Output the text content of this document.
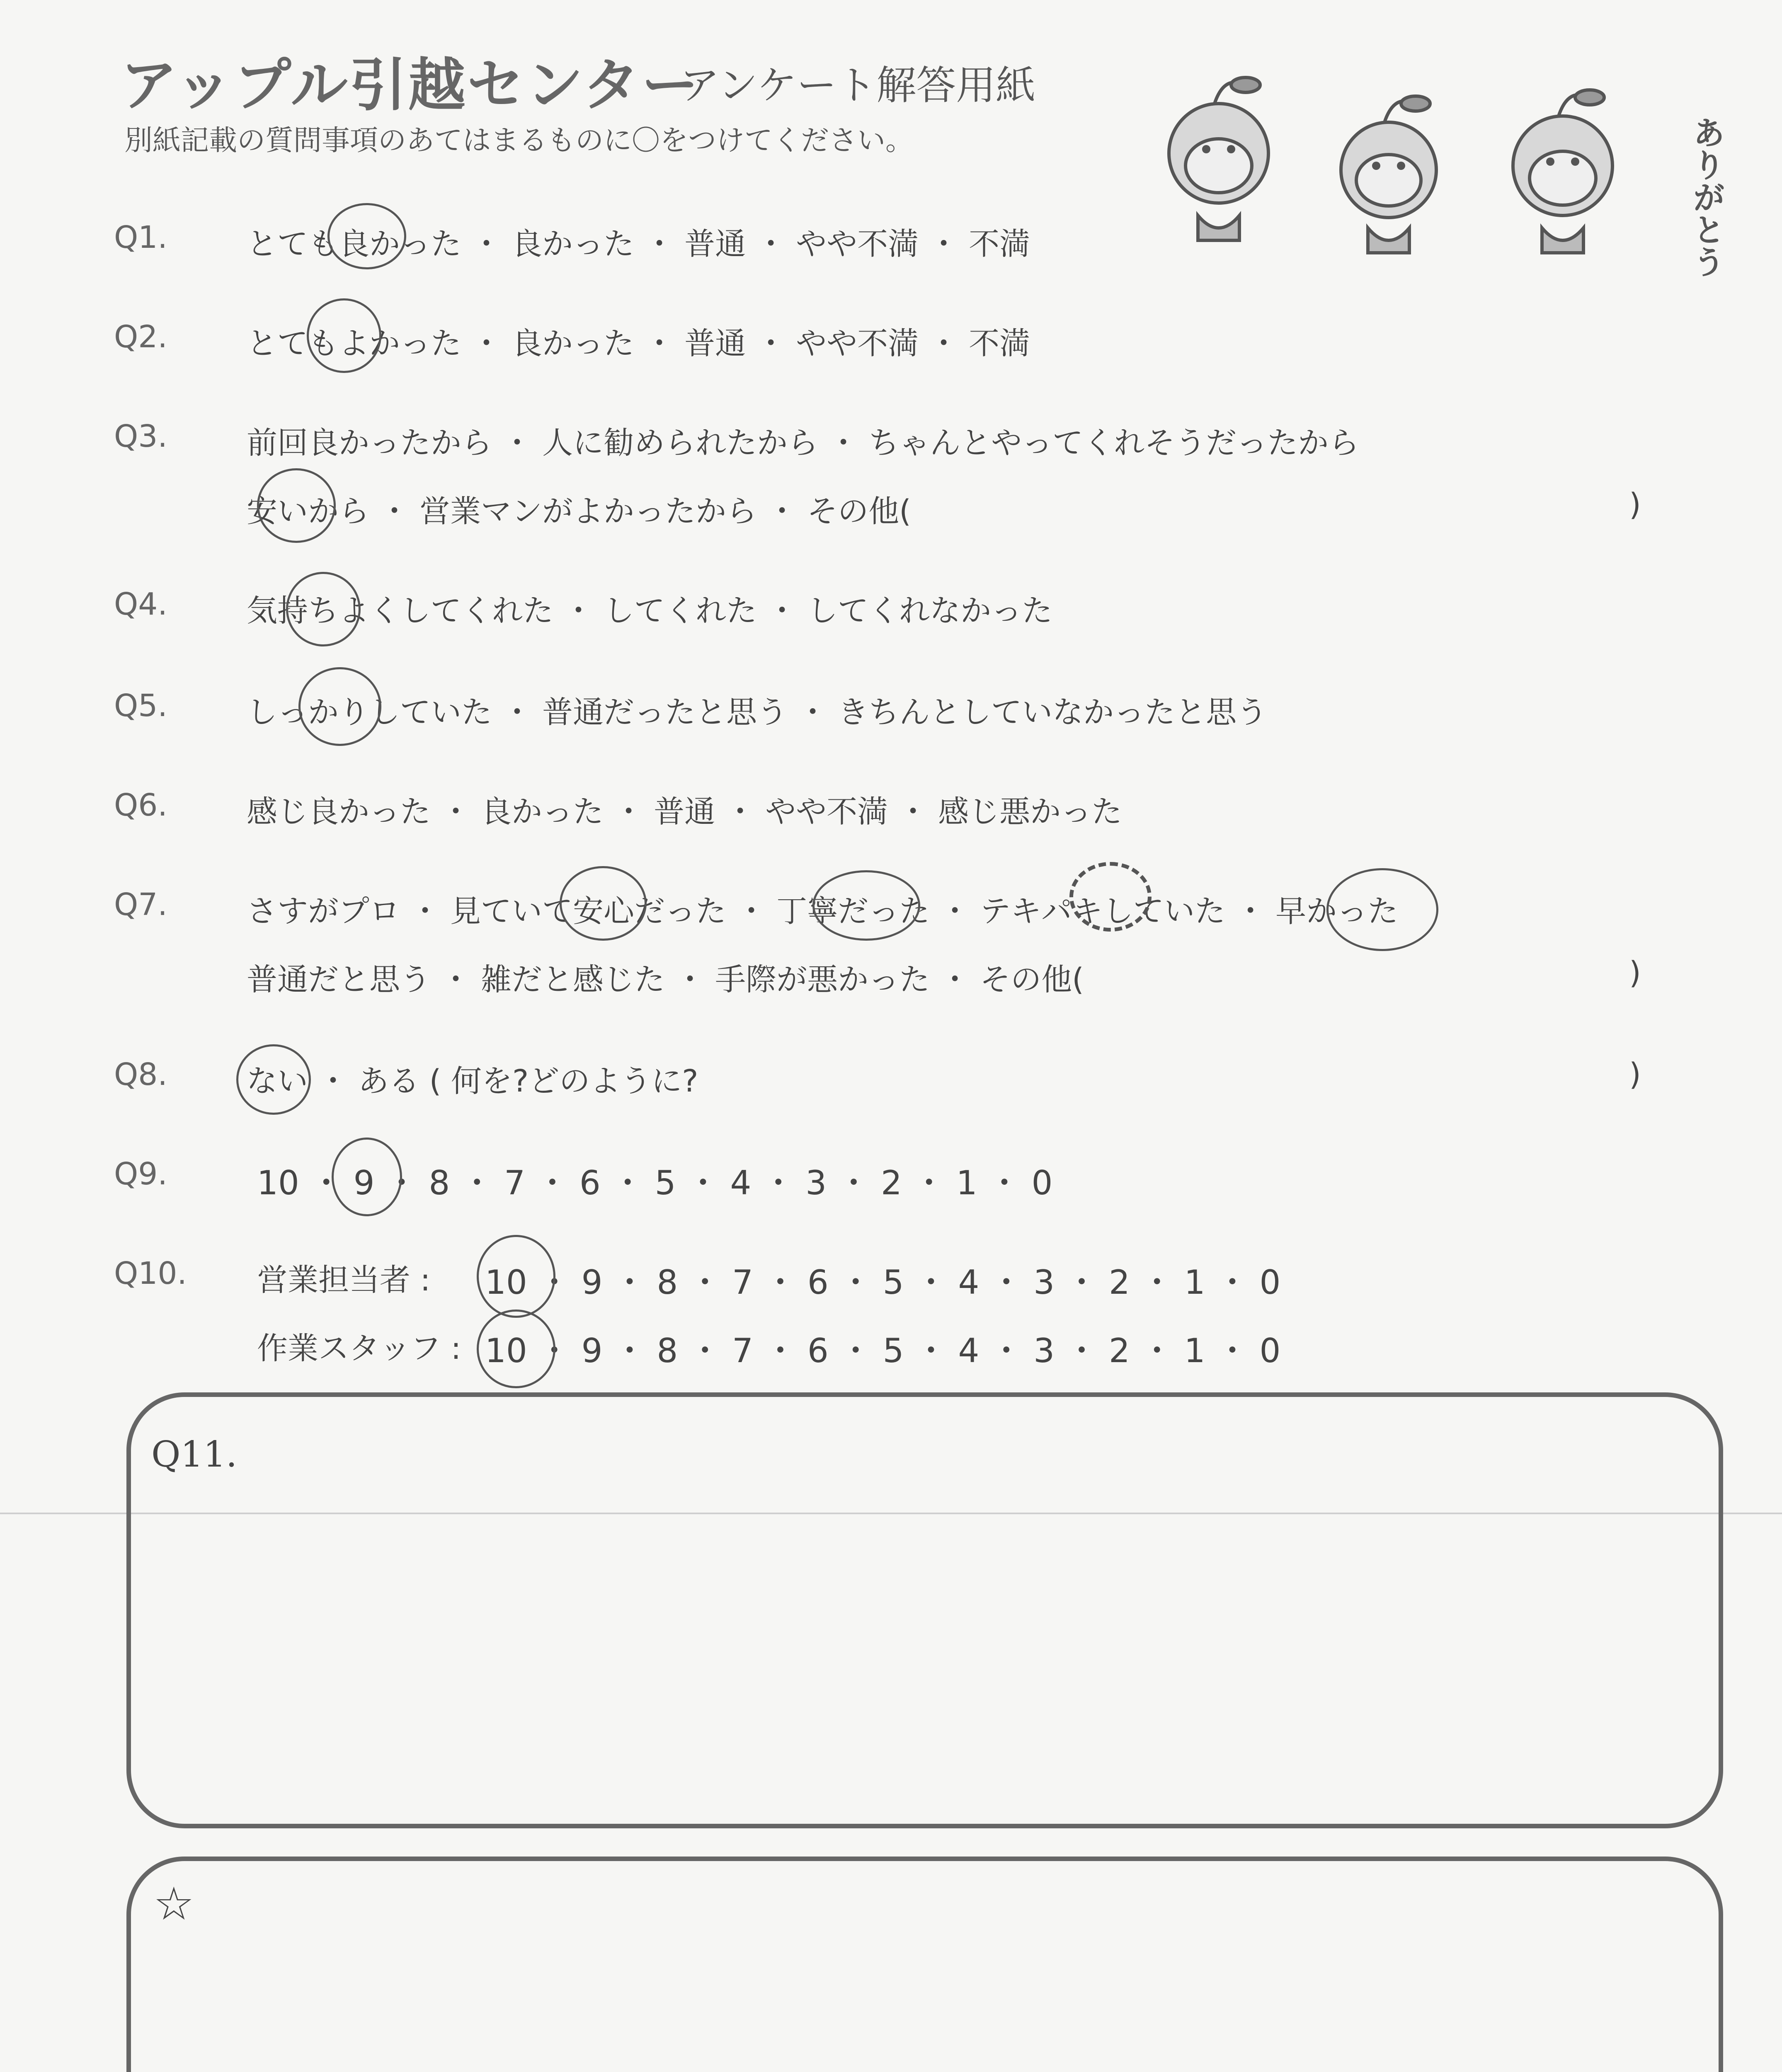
アップル引越センター
アンケート解答用紙
別紙記載の質問事項のあてはまるものに〇をつけてください。	ありがとう
Q1.	とても良かった ・ 良かった ・ 普通 ・ やや不満 ・ 不満
Q2.	とてもよかった ・ 良かった ・ 普通 ・ やや不満 ・ 不満
Q3.	前回良かったから ・ 人に勧められたから ・ ちゃんとやってくれそうだったから
安いから ・ 営業マンがよかったから ・ その他(	)
Q4.	気持ちよくしてくれた ・ してくれた ・ してくれなかった
Q5.	しっかりしていた ・ 普通だったと思う ・ きちんとしていなかったと思う
Q6.	感じ良かった ・ 良かった ・ 普通 ・ やや不満 ・ 感じ悪かった
Q7.	さすがプロ ・ 見ていて安心だった ・ 丁寧だった ・ テキパキしていた ・ 早かった
普通だと思う ・ 雑だと感じた ・ 手際が悪かった ・ その他(	)
Q8.	ない ・ ある ( 何を?どのように?	)
Q9.	10 ・ 9 ・ 8 ・ 7 ・ 6 ・ 5 ・ 4 ・ 3 ・ 2 ・ 1 ・ 0
Q10. 営業担当者 : 10 ・ 9 ・ 8 ・ 7 ・ 6 ・ 5 ・ 4 ・ 3 ・ 2 ・ 1 ・ 0
作業スタッフ : 10 ・ 9 ・ 8 ・ 7 ・ 6 ・ 5 ・ 4 ・ 3 ・ 2 ・ 1 ・ 0
Q11.
☆
